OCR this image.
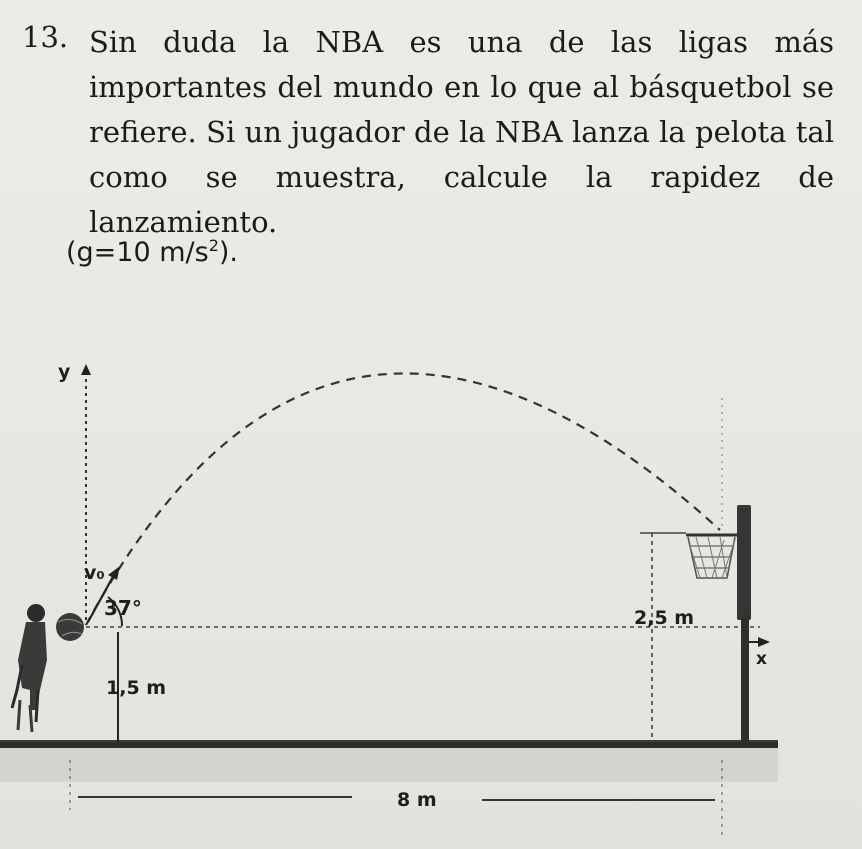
13. Sin duda la NBA es una de las ligas más importantes del mundo en lo que al básquetbol se refiere. Si un jugador de la NBA lanza la pelota tal como se muestra, calcule la rapidez de lanzamiento.
(g=10 $m/s^2$).
y
x
v₀
37°
1,5 m
2,5 m
8 m
